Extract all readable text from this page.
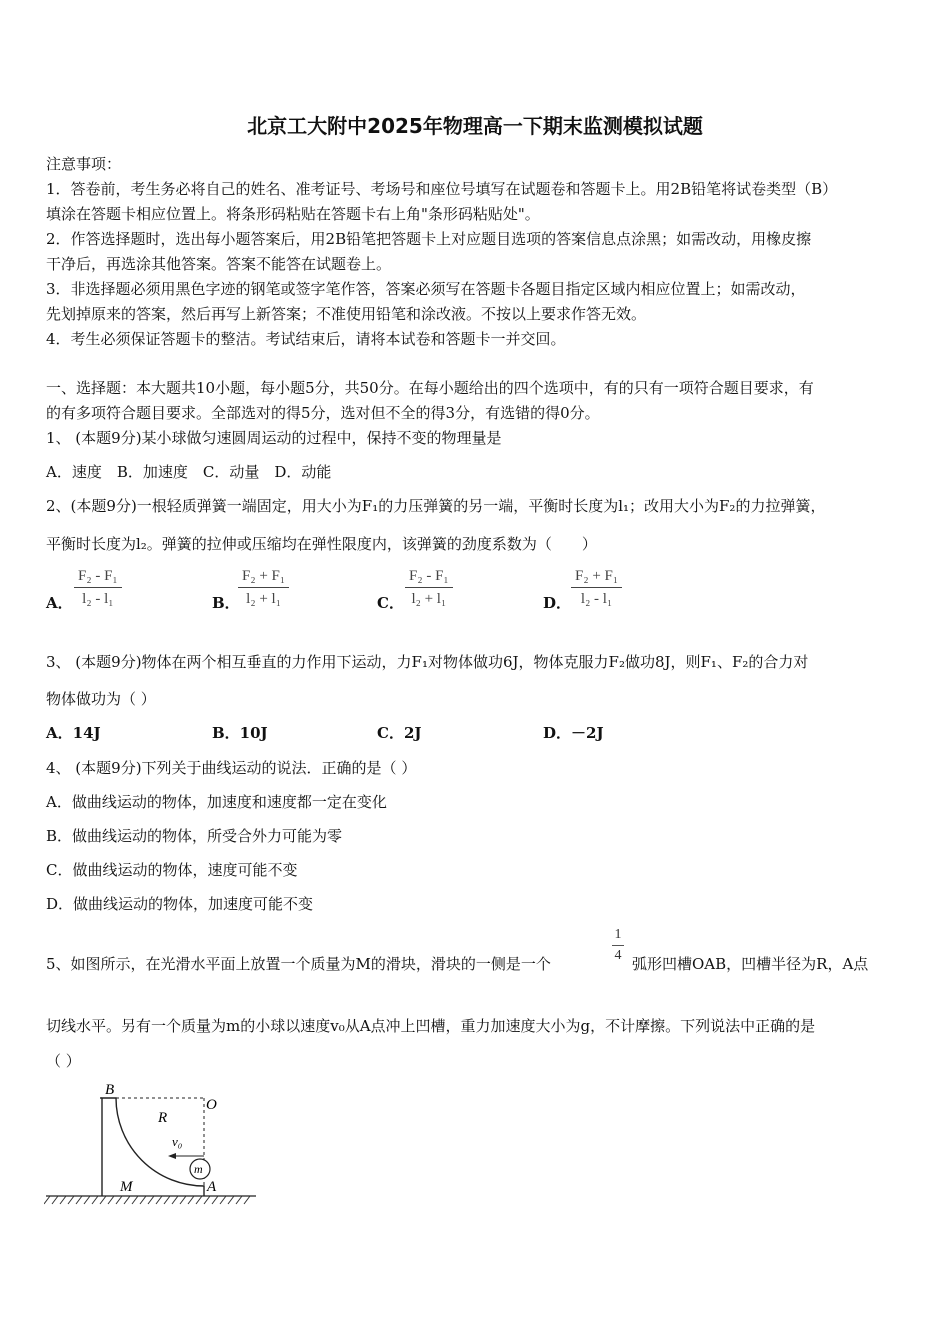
北京工大附中2025年物理高一下期末监测模拟试题
注意事项：
1．答卷前，考生务必将自己的姓名、准考证号、考场号和座位号填写在试题卷和答题卡上。用2B铅笔将试卷类型（B）
填涂在答题卡相应位置上。将条形码粘贴在答题卡右上角"条形码粘贴处"。
2．作答选择题时，选出每小题答案后，用2B铅笔把答题卡上对应题目选项的答案信息点涂黑；如需改动，用橡皮擦
干净后，再选涂其他答案。答案不能答在试题卷上。
3．非选择题必须用黑色字迹的钢笔或签字笔作答，答案必须写在答题卡各题目指定区域内相应位置上；如需改动，
先划掉原来的答案，然后再写上新答案；不准使用铅笔和涂改液。不按以上要求作答无效。
4．考生必须保证答题卡的整洁。考试结束后，请将本试卷和答题卡一并交回。
一、选择题：本大题共10小题，每小题5分，共50分。在每小题给出的四个选项中，有的只有一项符合题目要求，有
的有多项符合题目要求。全部选对的得5分，选对但不全的得3分，有选错的得0分。
1、 (本题9分)某小球做匀速圆周运动的过程中，保持不变的物理量是
A．速度　B．加速度　C．动量　D．动能
2、(本题9分)一根轻质弹簧一端固定，用大小为F₁的力压弹簧的另一端，平衡时长度为l₁；改用大小为F₂的力拉弹簧，
平衡时长度为l₂。弹簧的拉伸或压缩均在弹性限度内，该弹簧的劲度系数为（　　）
A．
F₂ - F₁
l₂ - l₁	B．
F₂ + F₁
l₂ + l₁	C．
F₂ - F₁
l₂ + l₁	D．
F₂ + F₁
l₂ - l₁
3、 (本题9分)物体在两个相互垂直的力作用下运动，力F₁对物体做功6J，物体克服力F₂做功8J，则F₁、F₂的合力对
物体做功为（ ）
A．14J	B．10J	C．2J	D．－2J
4、 (本题9分)下列关于曲线运动的说法．正确的是（ ）
A．做曲线运动的物体，加速度和速度都一定在变化
B．做曲线运动的物体，所受合外力可能为零
C．做曲线运动的物体，速度可能不变
D．做曲线运动的物体，加速度可能不变
5、如图所示，在光滑水平面上放置一个质量为M的滑块，滑块的一侧是一个
1
4 弧形凹槽OAB，凹槽半径为R，A点
切线水平。另有一个质量为m的小球以速度v₀从A点冲上凹槽，重力加速度大小为g，不计摩擦。下列说法中正确的是
（ ）
B
O
R
v₀
m
M	A
